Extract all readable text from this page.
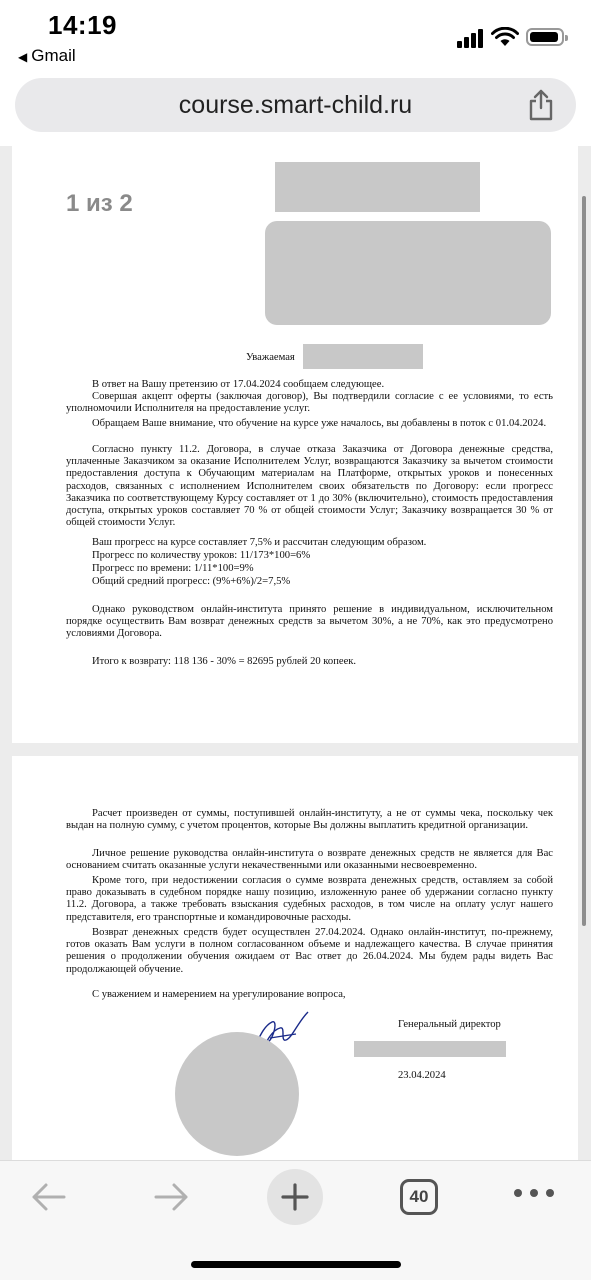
14:19
◀ Gmail
course.smart-child.ru
Уважаемая
В ответ на Вашу претензию от 17.04.2024 сообщаем следующее.
Совершая акцепт оферты (заключая договор), Вы подтвердили согласие с ее условиями, то есть уполномочили Исполнителя на предоставление услуг.
Обращаем Ваше внимание, что обучение на курсе уже началось, вы добавлены в поток с 01.04.2024.
Согласно пункту 11.2. Договора, в случае отказа Заказчика от Договора денежные средства, уплаченные Заказчиком за оказание Исполнителем Услуг, возвращаются Заказчику за вычетом стоимости предоставления доступа к Обучающим материалам на Платформе, открытых уроков и понесенных расходов, связанных с исполнением Исполнителем своих обязательств по Договору: если прогресс Заказчика по соответствующему Курсу составляет от 1 до 30% (включительно), стоимость предоставления доступа, открытых уроков составляет 70 % от общей стоимости Услуг; Заказчику возвращается 30 % от общей стоимости Услуг.
Ваш прогресс на курсе составляет 7,5% и рассчитан следующим образом.
Прогресс по количеству уроков: 11/173*100=6%
Прогресс по времени: 1/11*100=9%
Общий средний прогресс: (9%+6%)/2=7,5%
Однако руководством онлайн-института принято решение в индивидуальном, исключительном порядке осуществить Вам возврат денежных средств за вычетом 30%, а не 70%, как это предусмотрено условиями Договора.
Итого к возврату: 118 136 - 30% = 82695 рублей 20 копеек.
1 из 2
Расчет произведен от суммы, поступившей онлайн-институту, а не от суммы чека, поскольку чек выдан на полную сумму, с учетом процентов, которые Вы должны выплатить кредитной организации.
Личное решение руководства онлайн-института о возврате денежных средств не является для Вас основанием считать оказанные услуги некачественными или оказанными несвоевременно.
Кроме того, при недостижении согласия о сумме возврата денежных средств, оставляем за собой право доказывать в судебном порядке нашу позицию, изложенную ранее об удержании согласно пункту 11.2. Договора, а также требовать взыскания судебных расходов, в том числе на оплату услуг нашего представителя, его транспортные и командировочные расходы.
Возврат денежных средств будет осуществлен 27.04.2024. Однако онлайн-институт, по-прежнему, готов оказать Вам услуги в полном согласованном объеме и надлежащего качества. В случае принятия решения о продолжении обучения ожидаем от Вас ответ до 26.04.2024. Мы будем рады видеть Вас продолжающей обучение.
С уважением и намерением на урегулирование вопроса,
Генеральный директор
23.04.2024
40
